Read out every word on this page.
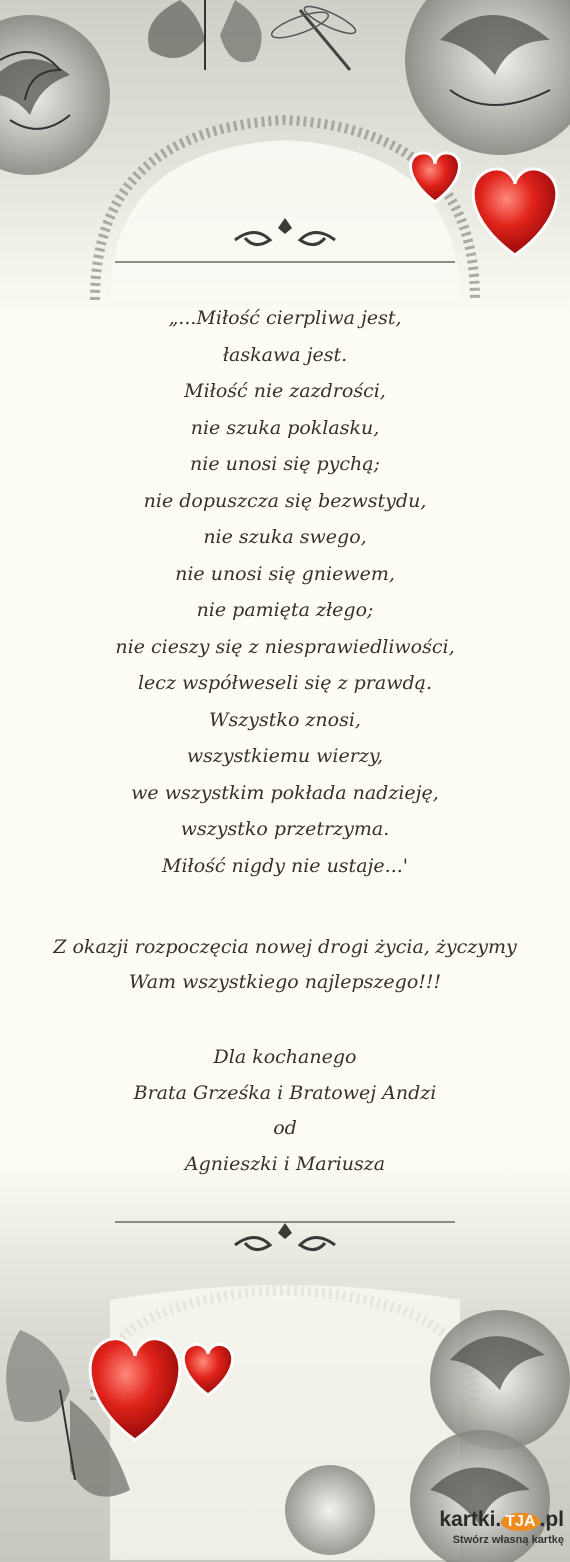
„...Miłość cierpliwa jest,
łaskawa jest.
Miłość nie zazdrości,
nie szuka poklasku,
nie unosi się pychą;
nie dopuszcza się bezwstydu,
nie szuka swego,
nie unosi się gniewem,
nie pamięta złego;
nie cieszy się z niesprawiedliwości,
lecz współweseli się z prawdą.
Wszystko znosi,
wszystkiemu wierzy,
we wszystkim pokłada nadzieję,
wszystko przetrzyma.
Miłość nigdy nie ustaje...'
Z okazji rozpoczęcia nowej drogi życia, życzymy
Wam wszystkiego najlepszego!!!
Dla kochanego
Brata Grześka i Bratowej Andzi
od
Agnieszki i Mariusza
kartki. TJA .pl
Stwórz własną kartkę
